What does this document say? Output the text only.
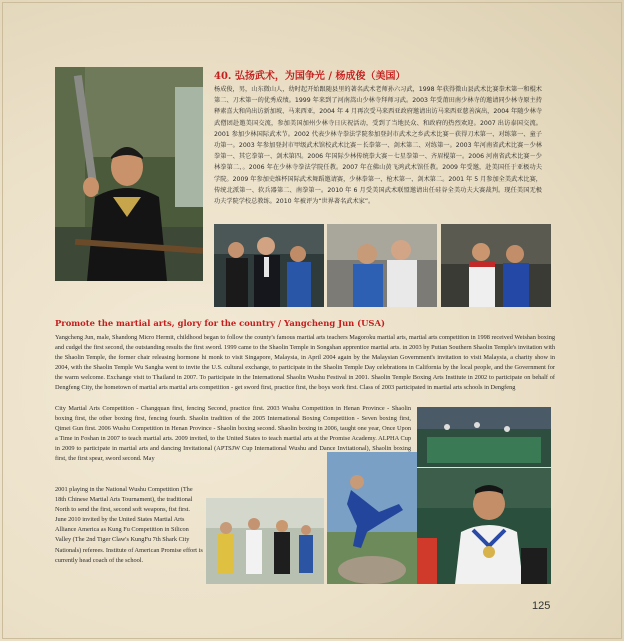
40. 弘扬武术，为国争光 / 杨成俊（美国）

杨成俊，男，山东微山人，幼时起开始跟随县里的著名武术老师孙六习武，1998 年获得微山县武术比赛拳术第一和棍术第二、刀术第一的优秀成绩。1999 年来到了河南嵩山少林寺拜师习武。2003 年受莆田南少林寺的邀请同少林寺原主持释素喜大和尚出访新加坡、马来西亚，2004 年 4 月再次受马来西亚政府邀请出访马来西亚慈善演出，2004 年随少林寺武僧团赴邀美国交流，参加美国加州少林寺日庆祝活动，受到了当地民众、和政府的热烈欢迎。2007 出访泰国交流。2001 参加少林国际武术节。2002 代表少林寺拳法学院参加登封市武术之乡武术比赛－获得刀术第一、对练第一、童子功第一。2003 年参加登封市甲级武术馆校武术比赛－长拳第一、剑术第二、对练第一。2003 年河南省武术比赛－少林拳第一、其它拳第一、剑术第四。2006 年国际少林传统拳大赛－七星拳第一、齐眉棍第一。2006 河南省武术比赛－少林拳第二、。2006 年在少林寺拳法学院任教。2007 年在佛山黄飞鸿武术馆任教。2009 年受邀，赴美国任于亚极功夫学院。2009 年参加史维杯国际武术舞蹈邀请赛，少林拳第一、枪术第一、剑术第二。2001 年 5 月参加全美武术比赛，传统北派第一、软兵器第二、南拳第一。2010 年 6 月受美国武术联盟邀请出任硅谷全美功夫大赛裁判。现任美国无极功夫学院学校总教练。2010 年被评为“世界著名武术家”。

Promote the martial arts, glory for the country / Yangcheng Jun (USA)

Yangcheng Jun, male, Shandong Micro Hermit, childhood began to follow the county's famous martial arts teachers Magoroku martial arts, martial arts competition in 1998 received Weishan boxing and cudgel the first second, the outstanding results the first sword. 1999 came to the Shaolin Temple in Songshan apprentice martial arts. in 2003 by Putian Southern Shaolin Temple's invitation with the Shaolin Temple, the former chair releasing hormone hi monk to visit Singapore, Malaysia, in April 2004 again by the Malaysian Government's invitation to visit Malaysia, a charity show in 2004, with the Shaolin Temple Wu Sangha went to invite the U.S. cultural exchange, to participate in the Shaolin Temple Day celebrations in California by the local people, and the Government for the warm welcome. Exchange visit to Thailand in 2007. To participate in the International Shaolin Wushu Festival in 2001. Shaolin Temple Boxing Arts Institute in 2002 to participate on behalf of Dengfeng City, the hometown of martial arts martial arts competition - get sword first, practice first, the boys work first. Class of 2003 participated in martial arts schools in Dengfeng

City Martial Arts Competition - Changquan first, fencing Second, practice first. 2003 Wushu Competition in Henan Province - Shaolin boxing first, the other boxing first, fencing fourth. Shaolin tradition of the 2005 International Boxing Competition - Seven boxing first, Qimei Gun first. 2006 Wushu Competition in Henan Province - Shaolin boxing second. Shaolin boxing in 2006, taught one year, Once Upon a Time in Foshan in 2007 to teach martial arts. 2009 invited, to the United States to teach martial arts at the Promise Academy. ALPHA Cup in 2009 to participate in martial arts and dancing Invitational (APTSJW Cup International Wushu and Dance Invitational), Shaolin boxing first, the first spear, sword second. May

2001 playing in the National Wushu Competition (The 18th Chinese Martial Arts Tournament), the traditional North to send the first, second soft weapons, fist first. June 2010 invited by the United States Martial Arts Alliance America as Kung Fu Competition in Silicon Valley (The 2nd Tiger Claw's KungFu 7th Shark City Nationals) referees. Institute of American Promise effort is currently head coach of the school.

125
